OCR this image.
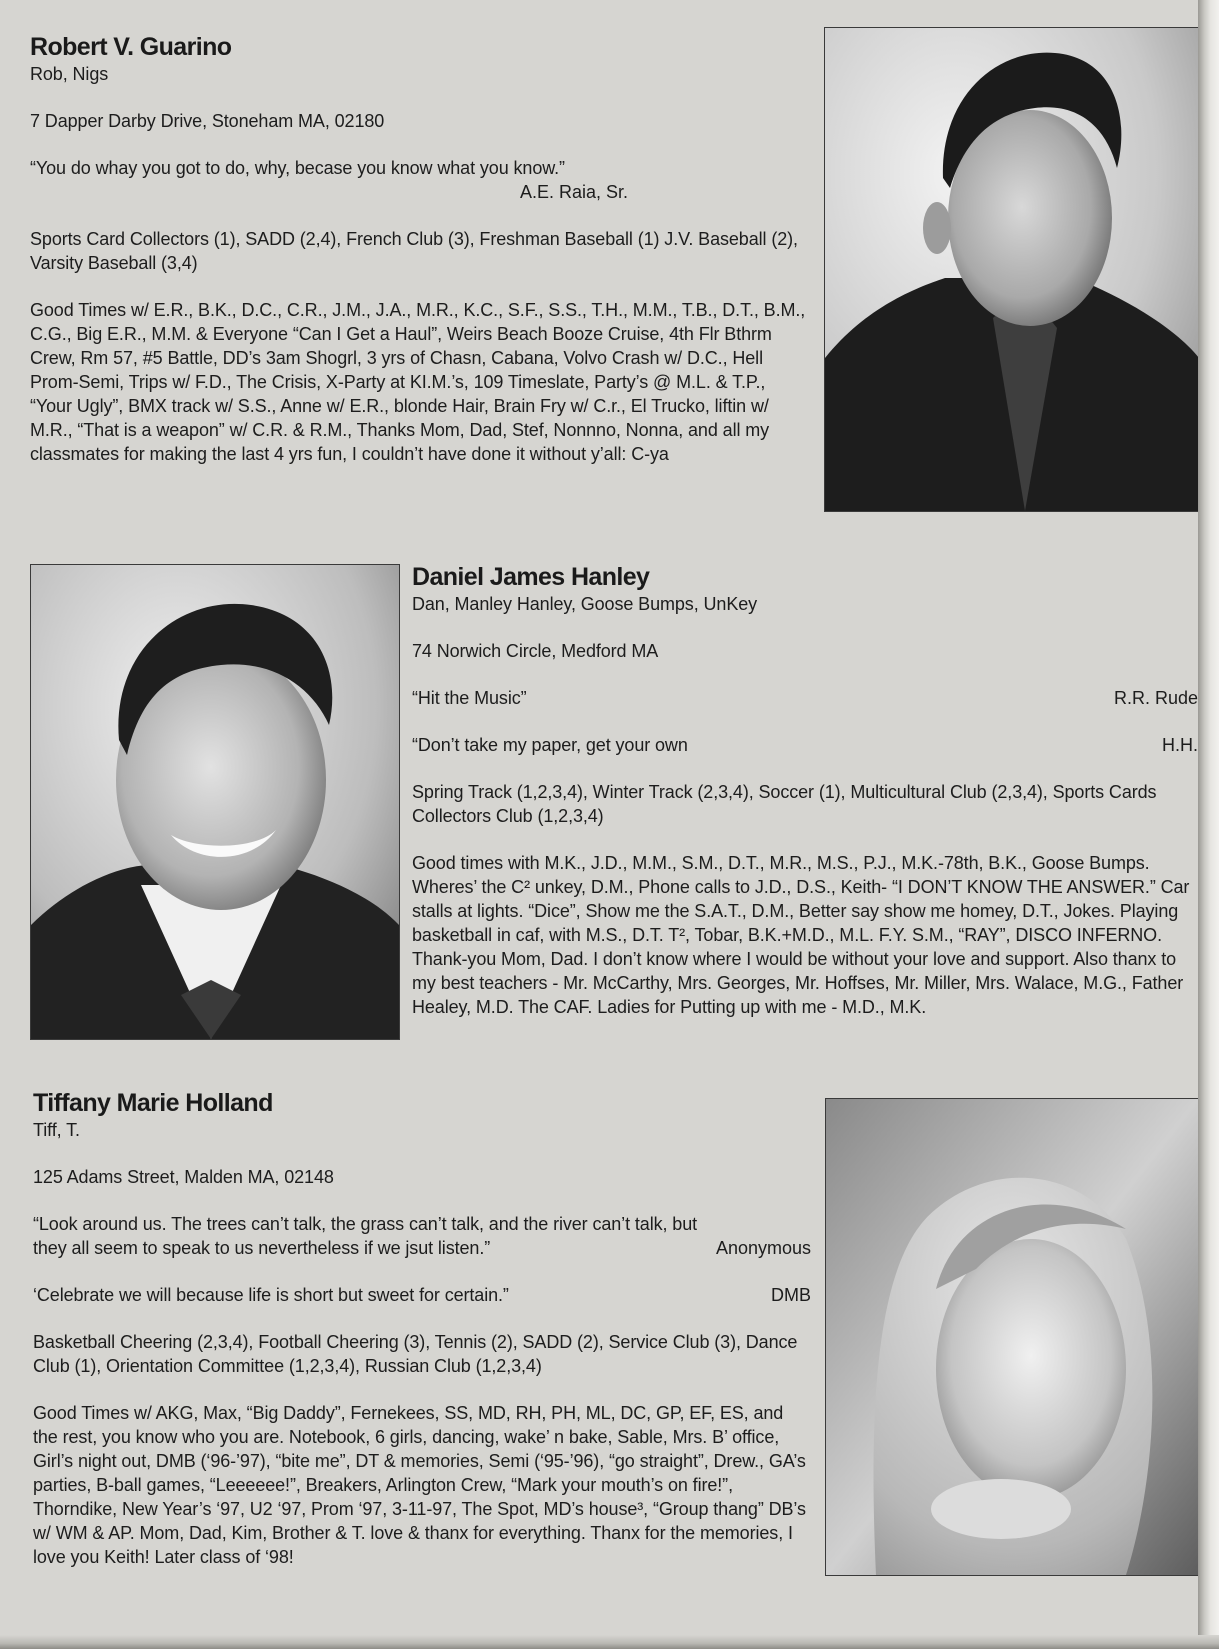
Robert V. Guarino

Rob, Nigs

7 Dapper Darby Drive, Stoneham MA, 02180

“You do whay you got to do, why, becase you know what you know.”

A.E. Raia, Sr.

Sports Card Collectors (1), SADD (2,4), French Club (3), Freshman Baseball (1) J.V. Baseball (2), Varsity Baseball (3,4)

Good Times w/ E.R., B.K., D.C., C.R., J.M., J.A., M.R., K.C., S.F., S.S., T.H., M.M., T.B., D.T., B.M., C.G., Big E.R., M.M. & Everyone “Can I Get a Haul”, Weirs Beach Booze Cruise, 4th Flr Bthrm Crew, Rm 57, #5 Battle, DD’s 3am Shogrl, 3 yrs of Chasn, Cabana, Volvo Crash w/ D.C., Hell Prom-Semi, Trips w/ F.D., The Crisis, X-Party at KI.M.’s, 109 Timeslate, Party’s @ M.L. & T.P., “Your Ugly”, BMX track w/ S.S., Anne w/ E.R., blonde Hair, Brain Fry w/ C.r., El Trucko, liftin w/ M.R., “That is a weapon” w/ C.R. & R.M., Thanks Mom, Dad, Stef, Nonnno, Nonna, and all my classmates for making the last 4 yrs fun, I couldn’t have done it without y’all: C-ya

Daniel James Hanley

Dan, Manley Hanley, Goose Bumps, UnKey

74 Norwich Circle, Medford MA

“Hit the Music”	R.R. Rude

“Don’t take my paper, get your own	H.H.

Spring Track (1,2,3,4), Winter Track (2,3,4), Soccer (1), Multicultural Club (2,3,4), Sports Cards Collectors Club (1,2,3,4)

Good times with M.K., J.D., M.M., S.M., D.T., M.R., M.S., P.J., M.K.-78th, B.K., Goose Bumps. Wheres’ the C² unkey, D.M., Phone calls to J.D., D.S., Keith- “I DON’T KNOW THE ANSWER.” Car stalls at lights. “Dice”, Show me the S.A.T., D.M., Better say show me homey, D.T., Jokes. Playing basketball in caf, with M.S., D.T. T², Tobar, B.K.+M.D., M.L. F.Y. S.M., “RAY”, DISCO INFERNO. Thank-you Mom, Dad. I don’t know where I would be without your love and support. Also thanx to my best teachers - Mr. McCarthy, Mrs. Georges, Mr. Hoffses, Mr. Miller, Mrs. Walace, M.G., Father Healey, M.D. The CAF. Ladies for Putting up with me - M.D., M.K.

Tiffany Marie Holland

Tiff, T.

125 Adams Street, Malden MA, 02148

“Look around us. The trees can’t talk, the grass can’t talk, and the river can’t talk, but they all seem to speak to us nevertheless if we jsut listen.”	Anonymous

‘Celebrate we will because life is short but sweet for certain.”	DMB

Basketball Cheering (2,3,4), Football Cheering (3), Tennis (2), SADD (2), Service Club (3), Dance Club (1), Orientation Committee (1,2,3,4), Russian Club (1,2,3,4)

Good Times w/ AKG, Max, “Big Daddy”, Fernekees, SS, MD, RH, PH, ML, DC, GP, EF, ES, and the rest, you know who you are. Notebook, 6 girls, dancing, wake’ n bake, Sable, Mrs. B’ office, Girl’s night out, DMB (‘96-’97), “bite me”, DT & memories, Semi (‘95-’96), “go straight”, Drew., GA’s parties, B-ball games, “Leeeeee!”, Breakers, Arlington Crew, “Mark your mouth’s on fire!”, Thorndike, New Year’s ‘97, U2 ‘97, Prom ‘97, 3-11-97, The Spot, MD’s house³, “Group thang” DB’s w/ WM & AP. Mom, Dad, Kim, Brother & T. love & thanx for everything. Thanx for the memories, I love you Keith! Later class of ‘98!
